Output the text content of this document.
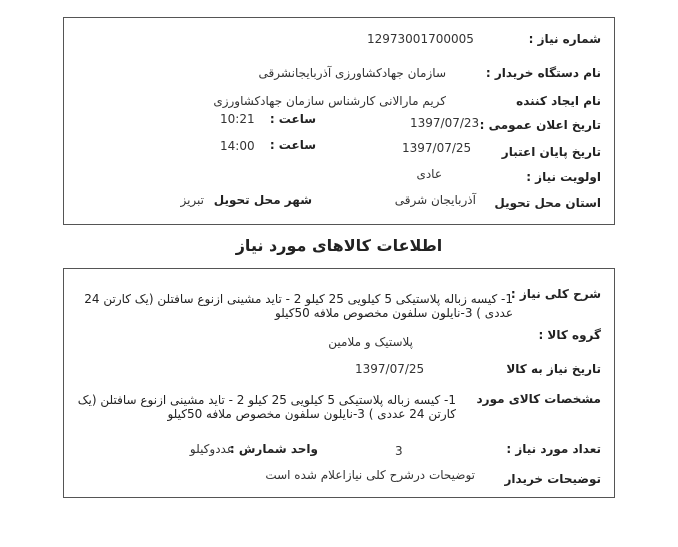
شماره نیاز :
12973001700005
نام دستگاه خریدار :
سازمان جهادکشاورزی آذربایجانشرقی
نام ایجاد کننده
کریم مارالانی کارشناس سازمان جهادکشاورزی
تاریخ اعلان عمومی :
1397/07/23
ساعت :
10:21
تاریخ پایان اعتبار
1397/07/25
ساعت :
14:00
اولویت نیاز :
عادی
استان محل تحویل
آذربایجان شرقی
شهر محل تحویل
تبریز
اطلاعات کالاهای مورد نیاز
شرح کلی نیاز :
1- کیسه زباله پلاستیکی 5 کیلویی 25 کیلو 2 - تاید مشینی ازنوع سافتلن (یک کارتن 24 عددی ) 3-نایلون سلفون مخصوص ملافه 50کیلو
گروه کالا :
پلاستیک و ملامین
تاریخ نیاز به کالا
1397/07/25
مشخصات کالای مورد
1- کیسه زباله پلاستیکی 5 کیلویی 25 کیلو 2 - تاید مشینی ازنوع سافتلن (یک کارتن 24 عددی ) 3-نایلون سلفون مخصوص ملافه 50کیلو
تعداد مورد نیاز :
3
واحد شمارش :
عددوکیلو
توضیحات خریدار
توضیحات درشرح کلی نیازاعلام شده است
